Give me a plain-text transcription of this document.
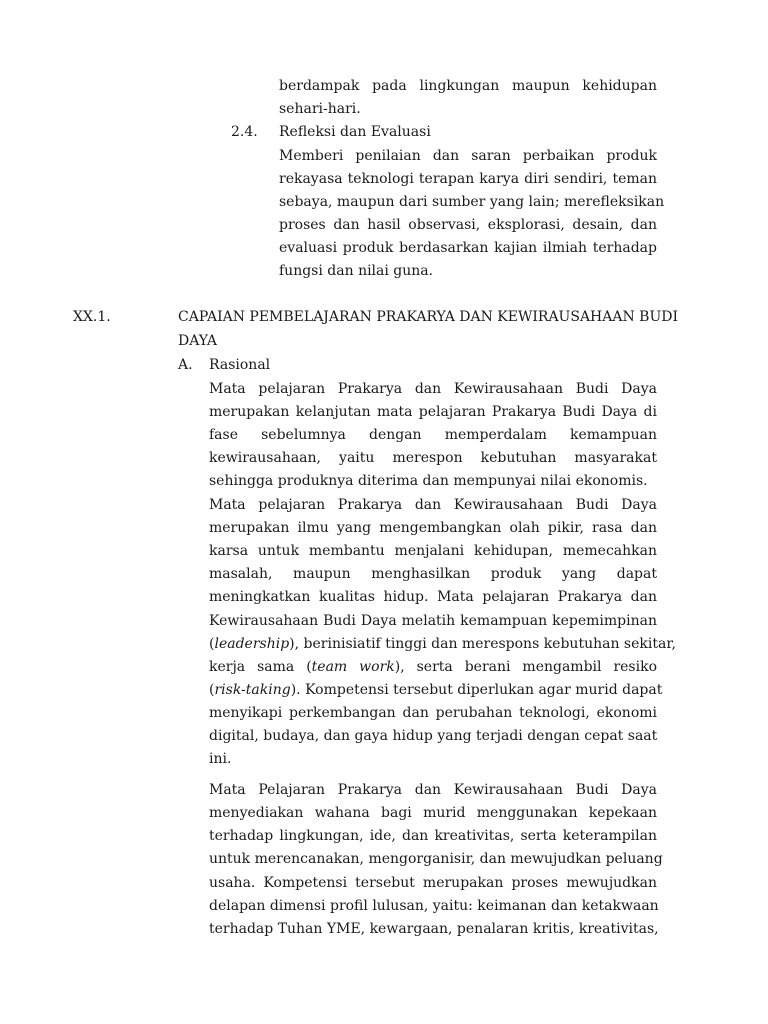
berdampak pada lingkungan maupun kehidupan
sehari-hari.
2.4. Refleksi dan Evaluasi
Memberi penilaian dan saran perbaikan produk
rekayasa teknologi terapan karya diri sendiri, teman
sebaya, maupun dari sumber yang lain; merefleksikan
proses dan hasil observasi, eksplorasi, desain, dan
evaluasi produk berdasarkan kajian ilmiah terhadap
fungsi dan nilai guna.
XX.1.	CAPAIAN PEMBELAJARAN PRAKARYA DAN KEWIRAUSAHAAN BUDI
DAYA
A. Rasional
Mata pelajaran Prakarya dan Kewirausahaan Budi Daya
merupakan kelanjutan mata pelajaran Prakarya Budi Daya di
fase sebelumnya dengan memperdalam kemampuan
kewirausahaan, yaitu merespon kebutuhan masyarakat
sehingga produknya diterima dan mempunyai nilai ekonomis.
Mata pelajaran Prakarya dan Kewirausahaan Budi Daya
merupakan ilmu yang mengembangkan olah pikir, rasa dan
karsa untuk membantu menjalani kehidupan, memecahkan
masalah, maupun menghasilkan produk yang dapat
meningkatkan kualitas hidup. Mata pelajaran Prakarya dan
Kewirausahaan Budi Daya melatih kemampuan kepemimpinan
(leadership), berinisiatif tinggi dan merespons kebutuhan sekitar,
kerja sama (team work), serta berani mengambil resiko
(risk-taking). Kompetensi tersebut diperlukan agar murid dapat
menyikapi perkembangan dan perubahan teknologi, ekonomi
digital, budaya, dan gaya hidup yang terjadi dengan cepat saat
ini.
Mata Pelajaran Prakarya dan Kewirausahaan Budi Daya
menyediakan wahana bagi murid menggunakan kepekaan
terhadap lingkungan, ide, dan kreativitas, serta keterampilan
untuk merencanakan, mengorganisir, dan mewujudkan peluang
usaha. Kompetensi tersebut merupakan proses mewujudkan
delapan dimensi profil lulusan, yaitu: keimanan dan ketakwaan
terhadap Tuhan YME, kewargaan, penalaran kritis, kreativitas,
